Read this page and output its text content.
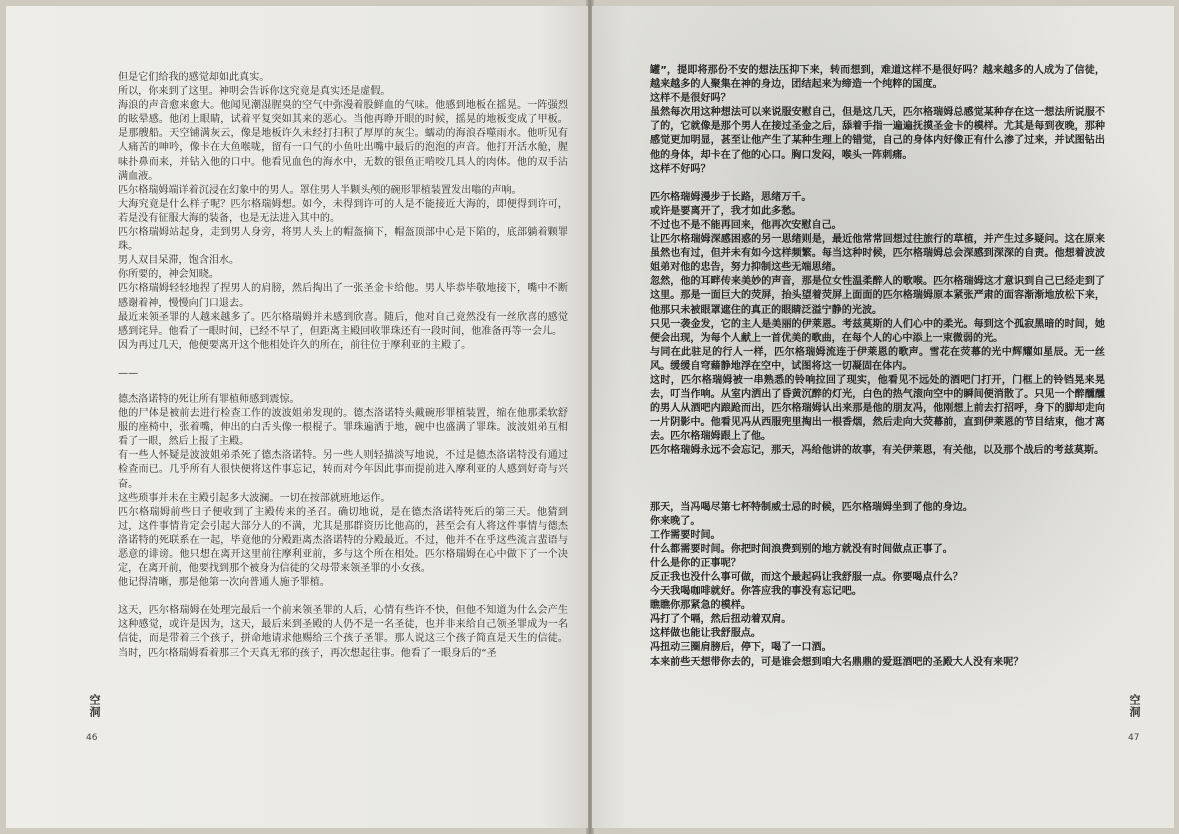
但是它们给我的感觉却如此真实。

所以，你来到了这里。神明会告诉你这究竟是真实还是虚假。

海浪的声音愈来愈大。他闻见潮湿腥臭的空气中弥漫着股鲜血的气味。他感到地板在摇晃。一阵强烈的眩晕感。他闭上眼睛，试着平复突如其来的恶心。当他再睁开眼的时候，摇晃的地板变成了甲板。是那艘船。天空铺满灰云，像是地板许久未经打扫积了厚厚的灰尘。蠕动的海浪吞噬雨水。他听见有人痛苦的呻吟，像卡在大鱼喉咙，留有一口气的小鱼吐出嘴中最后的泡泡的声音。他打开活水舱，腥味扑鼻而来，并钻入他的口中。他看见血色的海水中，无数的银鱼正啃咬几具人的肉体。他的双手沾满血液。

匹尔格瑞姆端详着沉浸在幻象中的男人。罩住男人半颗头颅的碗形罪植装置发出嗡的声响。

大海究竟是什么样子呢？匹尔格瑞姆想。如今，未得到许可的人是不能接近大海的，即便得到许可，若是没有征服大海的装备，也是无法进入其中的。

匹尔格瑞姆站起身，走到男人身旁，将男人头上的帽盔摘下，帽盔顶部中心是下陷的，底部躺着颗罪珠。

男人双目呆滞，饱含泪水。

你所要的，神会知晓。

匹尔格瑞姆轻轻地捏了捏男人的肩膀，然后掏出了一张圣金卡给他。男人毕恭毕敬地接下，嘴中不断感谢着神，慢慢向门口退去。

最近来领圣罪的人越来越多了。匹尔格瑞姆并未感到欣喜。随后，他对自己竟然没有一丝欣喜的感觉感到诧异。他看了一眼时间，已经不早了，但距离主殿回收罪珠还有一段时间，他准备再等一会儿。

因为再过几天，他便要离开这个他相处许久的所在，前往位于摩利亚的主殿了。

——

德杰洛诺特的死让所有罪植师感到震惊。

他的尸体是被前去进行检查工作的波波姐弟发现的。德杰洛诺特头戴碗形罪植装置，缩在他那柔软舒服的座椅中，张着嘴，伸出的白舌头像一根棍子。罪珠遍洒于地，碗中也盛满了罪珠。波波姐弟互相看了一眼，然后上报了主殿。

有一些人怀疑是波波姐弟杀死了德杰洛诺特。另一些人则轻描淡写地说，不过是德杰洛诺特没有通过检查而已。几乎所有人很快便将这件事忘记，转而对今年因此事而提前进入摩利亚的人感到好奇与兴奋。

这些琐事并未在主殿引起多大波澜。一切在按部就班地运作。

匹尔格瑞姆前些日子便收到了主殿传来的圣召。确切地说，是在德杰洛诺特死后的第三天。他猜到过，这件事情肯定会引起大部分人的不满，尤其是那群资历比他高的，甚至会有人将这件事情与德杰洛诺特的死联系在一起，毕竟他的分殿距离杰洛诺特的分殿最近。不过，他并不在乎这些流言蜚语与恶意的诽谤。他只想在离开这里前往摩利亚前，多与这个所在相处。匹尔格瑞姆在心中做下了一个决定，在离开前，他要找到那个被身为信徒的父母带来领圣罪的小女孩。

他记得清晰，那是他第一次向普通人施予罪植。

这天，匹尔格瑞姆在处理完最后一个前来领圣罪的人后，心情有些许不快，但他不知道为什么会产生这种感觉，或许是因为，这天，最后来到圣殿的人仍不是一名圣徒，也并非来给自己领圣罪成为一名信徒，而是带着三个孩子，拼命地请求他赐给三个孩子圣罪。那人说这三个孩子简直是天生的信徒。当时，匹尔格瑞姆看着那三个天真无邪的孩子，再次想起往事。他看了一眼身后的“圣

空洞
46

罐”，提即将那份不安的想法压抑下来，转而想到，难道这样不是很好吗？越来越多的人成为了信徒，越来越多的人聚集在神的身边，团结起来为缔造一个纯粹的国度。

这样不是很好吗？

虽然每次用这种想法可以来说服安慰自己，但是这几天，匹尔格瑞姆总感觉某种存在这一想法所说服不了的，它就像是那个男人在接过圣金之后，舔着手指一遍遍抚摸圣金卡的模样。尤其是每到夜晚，那种感觉更加明显，甚至让他产生了某种生理上的错觉，自己的身体内好像正有什么渗了过来，并试图钻出他的身体，却卡在了他的心口。胸口发闷，喉头一阵刺痛。

这样不好吗？

匹尔格瑞姆漫步于长路，思绪万千。

或许是要离开了，我才如此多愁。

不过也不是不能再回来，他再次安慰自己。

让匹尔格瑞姆深感困惑的另一思绪则是，最近他常常回想过往旅行的草植，并产生过多疑问。这在原来虽然也有过，但并未有如今这样频繁。每当这种时候，匹尔格瑞姆总会深感到深深的自责。他想着波波姐弟对他的忠告，努力抑制这些无端思绪。

忽然，他的耳畔传来美妙的声音，那是位女性温柔醉人的歌喉。匹尔格瑞姆这才意识到自己已经走到了这里。那是一面巨大的荧屏，抬头望着荧屏上面面的匹尔格瑞姆原本紧张严肃的面容渐渐地放松下来，他那只未被眼罩遮住的真正的眼睛泛溢宁静的光波。

只见一袭金发，它的主人是美丽的伊莱恩。考兹莫斯的人们心中的柔光。每到这个孤寂黑暗的时间，她便会出现，为每个人献上一首优美的歌曲，在每个人的心中添上一束微弱的光。

与同在此驻足的行人一样，匹尔格瑞姆流连于伊莱恩的歌声。雪花在荧幕的光中辉耀如星辰。无一丝风。缓缓自穹藉静地浮在空中，试图将这一切凝固在体内。

这时，匹尔格瑞姆被一串熟悉的铃响拉回了现实，他看见不远处的酒吧门打开，门框上的铃铛晃来晃去，叮当作响。从室内洒出了昏黄沉醉的灯光，白色的热气滚向空中的瞬间便消散了。只见一个醉醺醺的男人从酒吧内踉跄而出，匹尔格瑞姆认出来那是他的朋友冯，他刚想上前去打招呼，身下的脚却走向一片阴影中。他看见冯从西服兜里掏出一根香烟，然后走向大荧幕前，直到伊莱恩的节目结束，他才离去。匹尔格瑞姆跟上了他。

匹尔格瑞姆永远不会忘记，那天，冯给他讲的故事，有关伊莱恩，有关他，以及那个战后的考兹莫斯。

那天，当冯喝尽第七杯特制威士忌的时候，匹尔格瑞姆坐到了他的身边。

你来晚了。

工作需要时间。

什么都需要时间。你把时间浪费到别的地方就没有时间做点正事了。

什么是你的正事呢？

反正我也没什么事可做，而这个最起码让我舒服一点。你要喝点什么？

今天我喝咖啡就好。你答应我的事没有忘记吧。

瞧瞧你那紧急的模样。

冯打了个嗝，然后扭动着双肩。

这样做也能让我舒服点。

冯扭动三圈肩膀后，停下，喝了一口酒。

本来前些天想带你去的，可是谁会想到咱大名鼎鼎的爱逛酒吧的圣殿大人没有来呢？

空洞
47
